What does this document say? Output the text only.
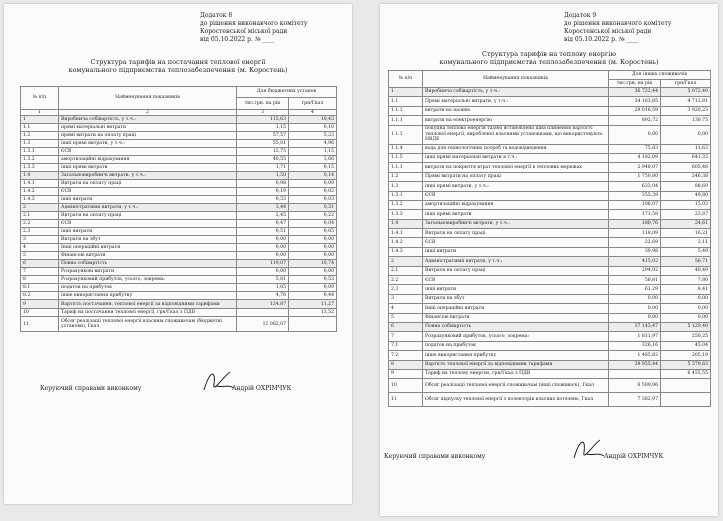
Додаток 8
до рішення виконавчого комітету
Коростенської міської ради
від 05.10.2022 р. № ____
Структура тарифів на постачання теплової енергії
комунального підприємства теплозабезпечення (м. Коростень)
№ п/п	Найменування показників	Для бюджетних установ	
		тис.грн. на рік	грн/Гкал
1	2	3	4
1	Виробнича собівартість, у т.ч.:	115,63	10,43
1.1	прямі матеріальні витрати	1,15	0,10
1.2	прямі витрати на оплату праці	57,57	5,23
1.3	інші прямі витрати, у т.ч.:	55,01	4,96
1.3.1	ЄСВ	12,75	1,15
1.3.2	амортизаційні відрахування	40,55	3,66
1.3.3	інші прямі витрати	1,71	0,15
1.4	Загальновиробничі витрати, у т.ч.:	1,50	0,14
1.4.1	Витрати на оплату праці	0,98	0,09
1.4.2	ЄСВ	0,19	0,02
1.4.3	інші витрати	0,33	0,03
2	Адміністративні витрати, у т.ч.:	3,44	0,31
2.1	Витрати на оплату праці	2,45	0,22
2.2	ЄСВ	0,47	0,04
2.3	інші витрати	0,51	0,05
3	Витрати на збут	0,00	0,00
4	Інші операційні витрати	0,00	0,00
5	Фінансові витрати	0,00	0,00
6	Повна собівартість	119,07	10,74
7	Розрахункові витрати	0,00	0,00
8	Розрахунковий прибуток, усього, зокрема:	5,81	0,53
8.1	податок на прибуток	1,05	0,09
8.2	інше використання прибутку	4,76	0,44
9	Вартість постачання, теплової енергії за відповідними тарифами	124,87	11,27
10	Тариф на постачання теплової енергії, грн/Гкал з ПДВ		13,52
11	Обсяг реалізації теплової енергії власним споживачам (бюджетні установи), Гкал	11 082,07	
Керуючий справами виконкому	Андрій ОХРІМЧУК
Додаток 9
до рішення виконавчого комітету
Коростенської міської ради
від 05.10.2022 р. № ____
Структура тарифів на теплову енергію
комунального підприємства теплозабезпечення (м. Коростень)
№ п/п	Найменування показників	Для інших споживачів	
		тис.грн. на рік	грн/Гкал
1	Виробнича собівартість, у т.ч.:	36 722,44	5 072,49
1.1	Прямі матеріальні витрати, у т.ч.:	34 163,85	4 712,81
1.1.1	витрати на паливо	29 016,59	3 920,23
1.1.1	витрати на електроенергію	892,72	130,75
1.1.1	покупна теплова енергія та/або встановлена ціна плинення вартості теплової енергії, виробленої власними установками, що використовують НВДЕ	0,00	0,00
1.1.4	вода для технологічних потреб та водовідведення	75,83	11,63
1.1.5	інші прямі матеріальні витрати в т.ч.:	4 182,09	641,33
1.1.1	витрати на покриття втрат теплової енергії в теплових мережах	2 948,07	605,46
1.2	Прямі витрати на оплату праці	1 750,80	246,38
1.3	інші прямі витрати, у т.ч.:	633,04	88,69
1.3.1	ЄСВ	355,39	49,80
1.3.2	амортизаційні відрахування	106,07	15,03
1.3.3	інші прямі витрати	171,58	23,87
1.4	Загальновиробничі витрати, у т.ч.:	180,76	24,61
1.4.1	Витрати на оплату праці	118,09	16,21
1.4.2	ЄСВ	22,69	3,11
1.4.3	інші витрати	39,98	5,49
2	Адміністративні витрати, у т.ч.:	415,02	56,71
2.1	Витрати на оплату праці	294,92	40,49
2.2	ЄСВ	56,81	7,80
2.3	інші витрати	61,29	8,41
3	Витрати на збут	0,00	0,00
4	Інші операційні витрати	0,00	0,00
5	Фінансові витрати	0,00	0,00
6	Повна собівартість	37 143,47	5 129,40
7	Розрахунковий прибуток, усього, зокрема:	1 811,97	250,25
7.1	податок на прибуток	326,16	45,04
7.2	інше використання прибутку	1 485,82	205,19
8	Вартість теплової енергії за відповідними тарифами	38 955,44	5 379,63
9	Тариф на теплову енергію, грн/Гкал з ПДВ		6 455,55
10	Обсяг реалізації теплової енергії споживачам (інші споживачі), Гкал	6 509,06	
11	Обсяг відпуску теплової енергії з колекторів власних котелень, Гкал	7 382,97	
Керуючий справами виконкому	Андрій ОХРІМЧУК
